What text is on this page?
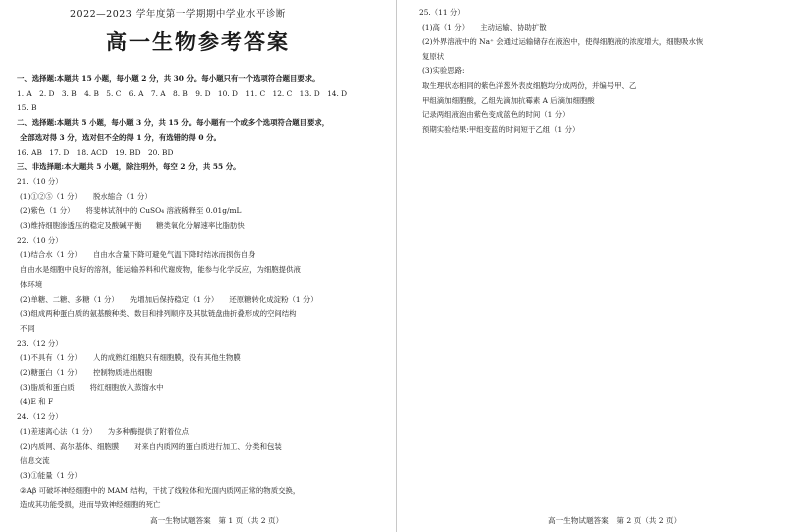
2022—2023 学年度第一学期期中学业水平诊断
高一生物参考答案
一、选择题:本题共 15 小题，每小题 2 分，共 30 分。每小题只有一个选项符合题目要求。
1. A　2. D　3. B　4. B　5. C　6. A　7. A　8. B　9. D　10. D　11. C　12. C　13. D　14. D
15. B
二、选择题:本题共 5 小题，每小题 3 分，共 15 分。每小题有一个或多个选项符合题目要求，
全部选对得 3 分，选对但不全的得 1 分，有选错的得 0 分。
16. AB　17. D　18. ACD　19. BD　20. BD
三、非选择题:本大题共 5 小题，除注明外，每空 2 分，共 55 分。
21.（10 分）
(1)①②⑤（1 分）　　脱水缩合（1 分）
(2)紫色（1 分）　　将斐林试剂中的 CuSO₄ 溶液稀释至 0.01g/mL
(3)维持细胞渗透压的稳定及酸碱平衡　　糖类氧化分解速率比脂肪快
22.（10 分）
(1)结合水（1 分）　　自由水含量下降可避免气温下降时结冰而损伤自身
自由水是细胞中良好的溶剂，能运输养料和代谢废物，能参与化学反应，为细胞提供液
体环境
(2)单糖、二糖、多糖（1 分）　　先增加后保持稳定（1 分）　　还原糖转化成淀粉（1 分）
(3)组成两种蛋白质的氨基酸种类、数目和排列顺序及其肽链盘曲折叠形成的空间结构
不同
23.（12 分）
(1)不具有（1 分）　　人的成熟红细胞只有细胞膜，没有其他生物膜
(2)糖蛋白（1 分）　　控制物质进出细胞
(3)脂质和蛋白质　　将红细胞放入蒸馏水中
(4)E 和 F
24.（12 分）
(1)差速离心法（1 分）　　为多种酶提供了附着位点
(2)内质网、高尔基体、细胞膜　　对来自内质网的蛋白质进行加工、分类和包装
信息交流
(3)①能量（1 分）
②Aβ 可破坏神经细胞中的 MAM 结构，干扰了线粒体和光面内质网正常的物质交换，
造成其功能受损，进而导致神经细胞的死亡
高一生物试题答案　第 1 页（共 2 页）
25.（11 分）
(1)高（1 分）　　主动运输、协助扩散
(2)外界溶液中的 Na⁺ 会通过运输储存在液泡中，使得细胞液的浓度增大，细胞吸水恢
复原状
(3)实验思路:
取生理状态相同的紫色洋葱外表皮细胞均分成两份，并编号甲、乙
甲组滴加细胞酸，乙组先滴加抗霉素 A 后滴加细胞酸
记录两组液泡由紫色变成蓝色的时间（1 分）
预期实验结果:甲组变蓝的时间短于乙组（1 分）
高一生物试题答案　第 2 页（共 2 页）
